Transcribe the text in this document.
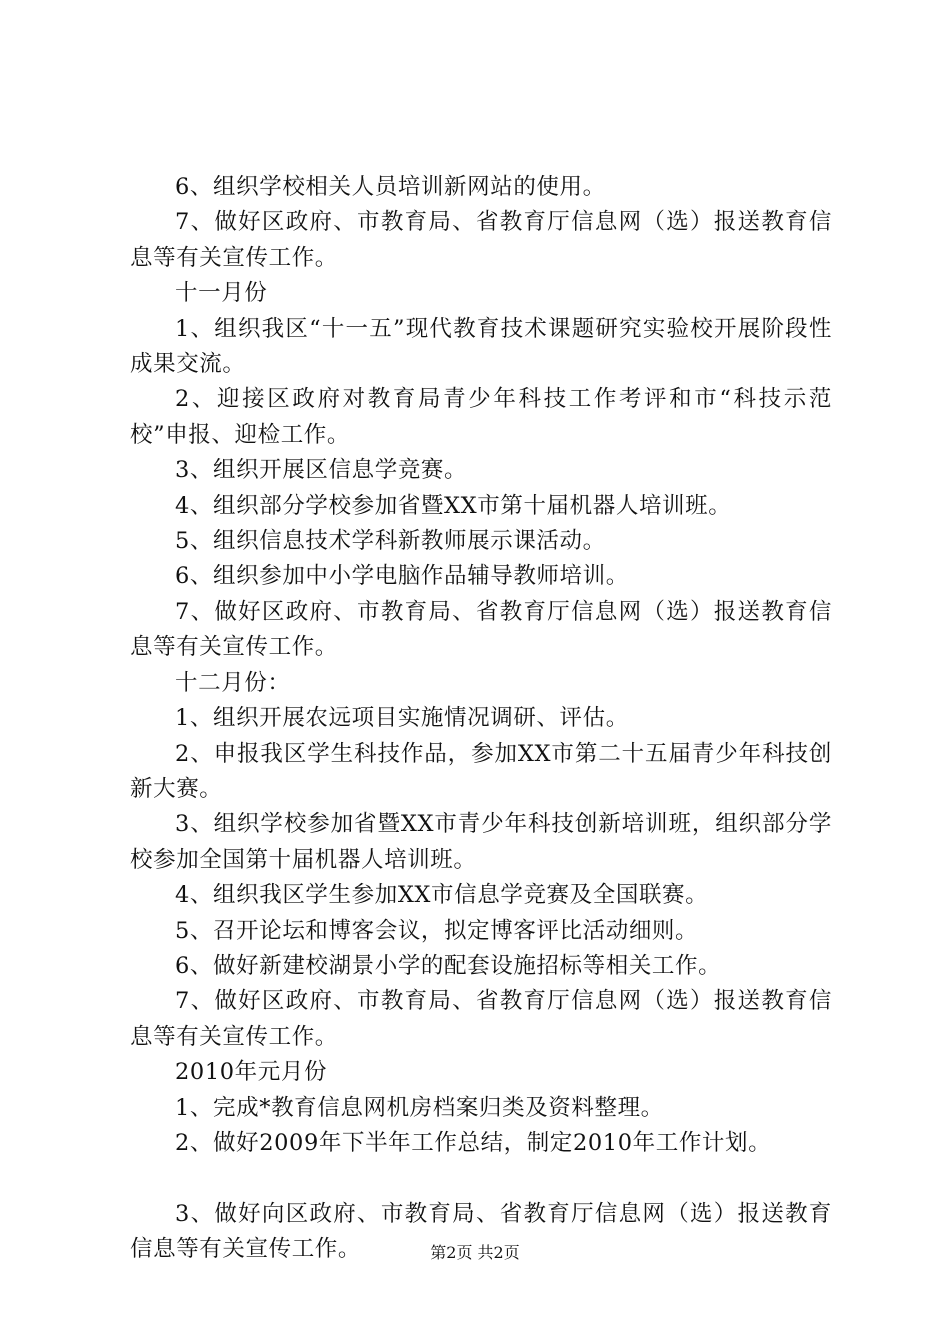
6、组织学校相关人员培训新网站的使用。

7、做好区政府、市教育局、省教育厅信息网（选）报送教育信息等有关宣传工作。

十一月份

1、组织我区“十一五”现代教育技术课题研究实验校开展阶段性成果交流。

2、迎接区政府对教育局青少年科技工作考评和市“科技示范校”申报、迎检工作。

3、组织开展区信息学竞赛。

4、组织部分学校参加省暨XX市第十届机器人培训班。

5、组织信息技术学科新教师展示课活动。

6、组织参加中小学电脑作品辅导教师培训。

7、做好区政府、市教育局、省教育厅信息网（选）报送教育信息等有关宣传工作。

十二月份：

1、组织开展农远项目实施情况调研、评估。

2、申报我区学生科技作品，参加XX市第二十五届青少年科技创新大赛。

3、组织学校参加省暨XX市青少年科技创新培训班，组织部分学校参加全国第十届机器人培训班。

4、组织我区学生参加XX市信息学竞赛及全国联赛。

5、召开论坛和博客会议，拟定博客评比活动细则。

6、做好新建校湖景小学的配套设施招标等相关工作。

7、做好区政府、市教育局、省教育厅信息网（选）报送教育信息等有关宣传工作。

2010年元月份

1、完成*教育信息网机房档案归类及资料整理。

2、做好2009年下半年工作总结，制定2010年工作计划。

3、做好向区政府、市教育局、省教育厅信息网（选）报送教育信息等有关宣传工作。	第2页 共2页
